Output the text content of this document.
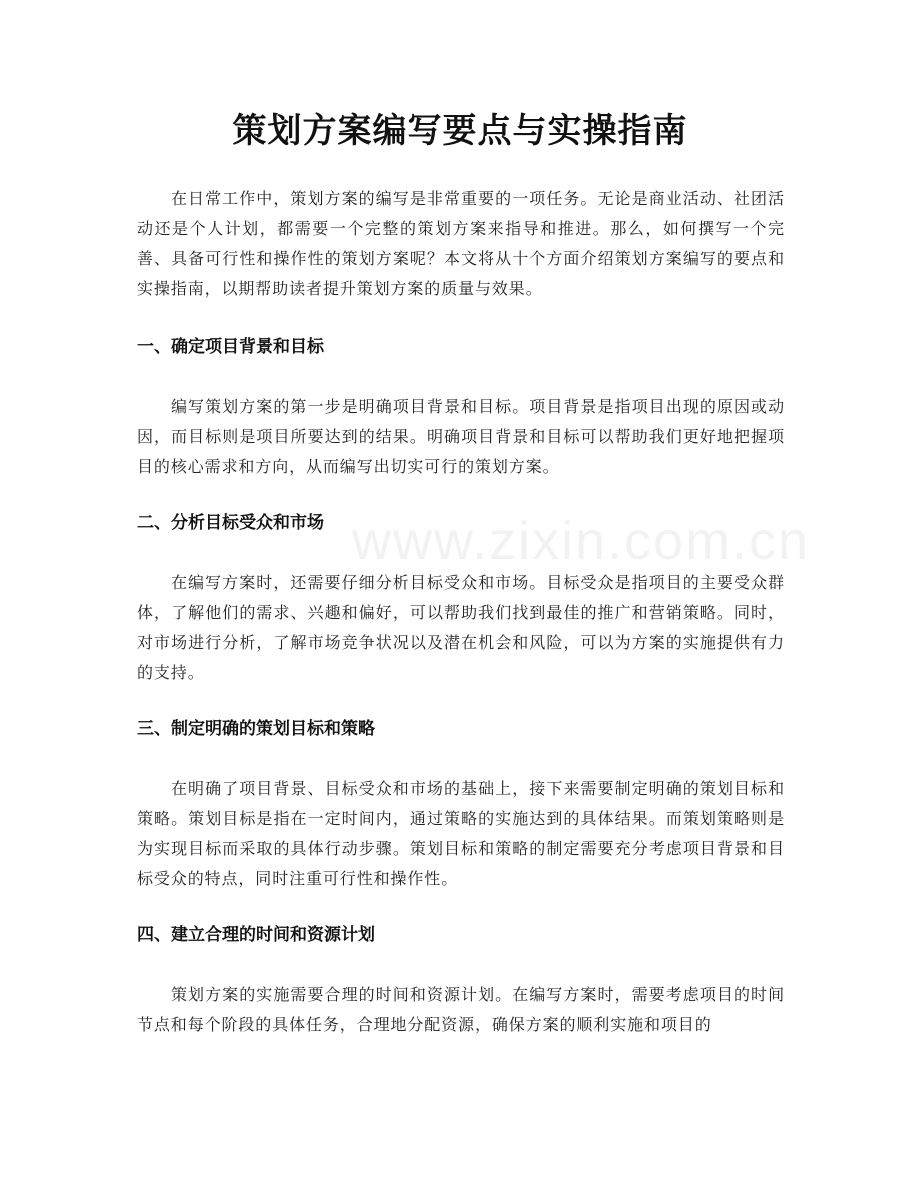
www.zixin.com.cn
策划方案编写要点与实操指南

在日常工作中，策划方案的编写是非常重要的一项任务。无论是商业活动、社团活动还是个人计划，都需要一个完整的策划方案来指导和推进。那么，如何撰写一个完善、具备可行性和操作性的策划方案呢？本文将从十个方面介绍策划方案编写的要点和实操指南，以期帮助读者提升策划方案的质量与效果。

一、确定项目背景和目标

编写策划方案的第一步是明确项目背景和目标。项目背景是指项目出现的原因或动因，而目标则是项目所要达到的结果。明确项目背景和目标可以帮助我们更好地把握项目的核心需求和方向，从而编写出切实可行的策划方案。

二、分析目标受众和市场

在编写方案时，还需要仔细分析目标受众和市场。目标受众是指项目的主要受众群体，了解他们的需求、兴趣和偏好，可以帮助我们找到最佳的推广和营销策略。同时，对市场进行分析，了解市场竞争状况以及潜在机会和风险，可以为方案的实施提供有力的支持。

三、制定明确的策划目标和策略

在明确了项目背景、目标受众和市场的基础上，接下来需要制定明确的策划目标和策略。策划目标是指在一定时间内，通过策略的实施达到的具体结果。而策划策略则是为实现目标而采取的具体行动步骤。策划目标和策略的制定需要充分考虑项目背景和目标受众的特点，同时注重可行性和操作性。

四、建立合理的时间和资源计划

策划方案的实施需要合理的时间和资源计划。在编写方案时，需要考虑项目的时间节点和每个阶段的具体任务，合理地分配资源，确保方案的顺利实施和项目的
